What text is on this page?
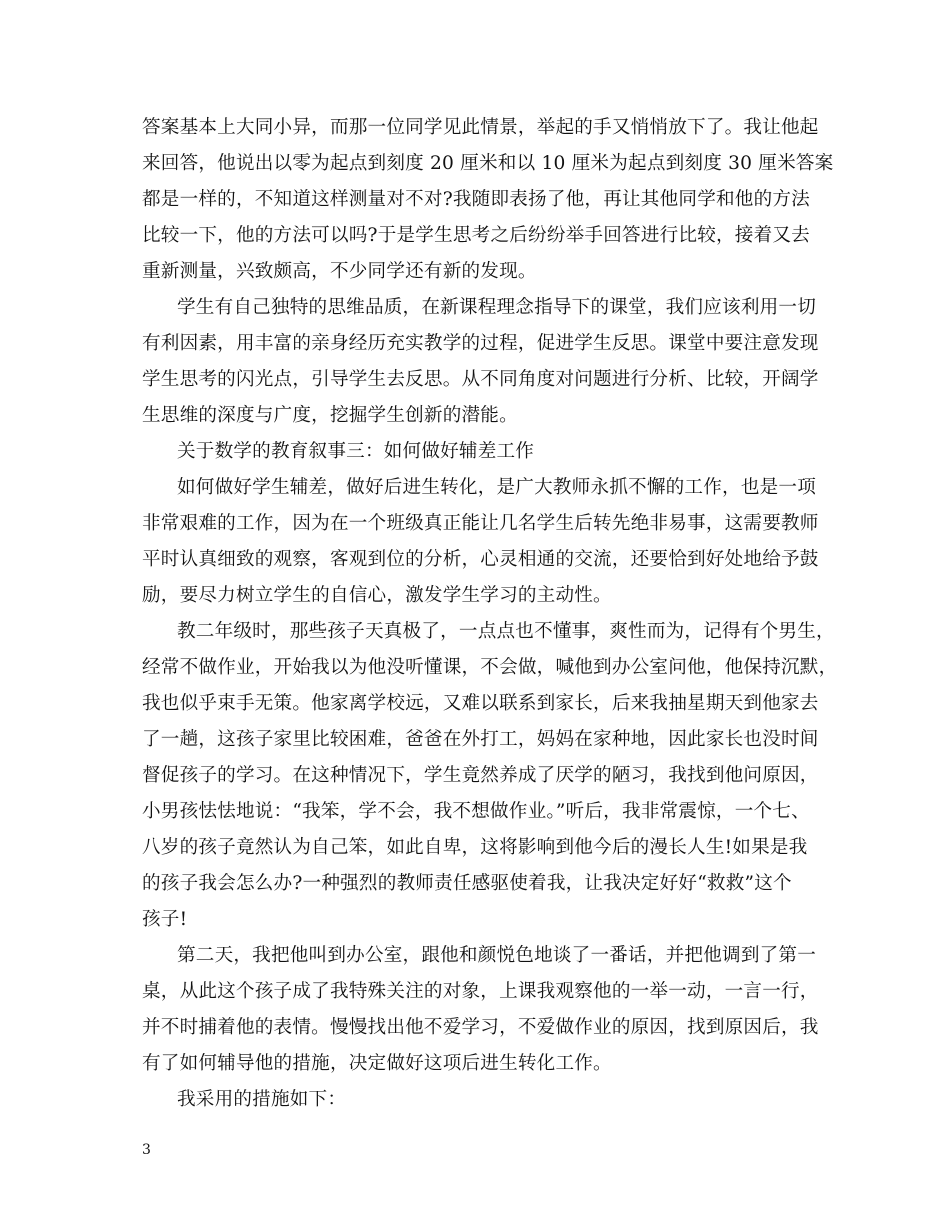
答案基本上大同小异，而那一位同学见此情景，举起的手又悄悄放下了。我让他起
来回答，他说出以零为起点到刻度 20 厘米和以 10 厘米为起点到刻度 30 厘米答案
都是一样的，不知道这样测量对不对?我随即表扬了他，再让其他同学和他的方法
比较一下，他的方法可以吗?于是学生思考之后纷纷举手回答进行比较，接着又去
重新测量，兴致颇高，不少同学还有新的发现。
学生有自己独特的思维品质，在新课程理念指导下的课堂，我们应该利用一切
有利因素，用丰富的亲身经历充实教学的过程，促进学生反思。课堂中要注意发现
学生思考的闪光点，引导学生去反思。从不同角度对问题进行分析、比较，开阔学
生思维的深度与广度，挖掘学生创新的潜能。
关于数学的教育叙事三：如何做好辅差工作
如何做好学生辅差，做好后进生转化，是广大教师永抓不懈的工作，也是一项
非常艰难的工作，因为在一个班级真正能让几名学生后转先绝非易事，这需要教师
平时认真细致的观察，客观到位的分析，心灵相通的交流，还要恰到好处地给予鼓
励，要尽力树立学生的自信心，激发学生学习的主动性。
教二年级时，那些孩子天真极了，一点点也不懂事，爽性而为，记得有个男生，
经常不做作业，开始我以为他没听懂课，不会做，喊他到办公室问他，他保持沉默，
我也似乎束手无策。他家离学校远，又难以联系到家长，后来我抽星期天到他家去
了一趟，这孩子家里比较困难，爸爸在外打工，妈妈在家种地，因此家长也没时间
督促孩子的学习。在这种情况下，学生竟然养成了厌学的陋习，我找到他问原因，
小男孩怯怯地说：“我笨，学不会，我不想做作业。”听后，我非常震惊，一个七、
八岁的孩子竟然认为自己笨，如此自卑，这将影响到他今后的漫长人生!如果是我
的孩子我会怎么办?一种强烈的教师责任感驱使着我，让我决定好好“救救”这个
孩子!
第二天，我把他叫到办公室，跟他和颜悦色地谈了一番话，并把他调到了第一
桌，从此这个孩子成了我特殊关注的对象，上课我观察他的一举一动，一言一行，
并不时捕着他的表情。慢慢找出他不爱学习，不爱做作业的原因，找到原因后，我
有了如何辅导他的措施，决定做好这项后进生转化工作。
我采用的措施如下：
3
